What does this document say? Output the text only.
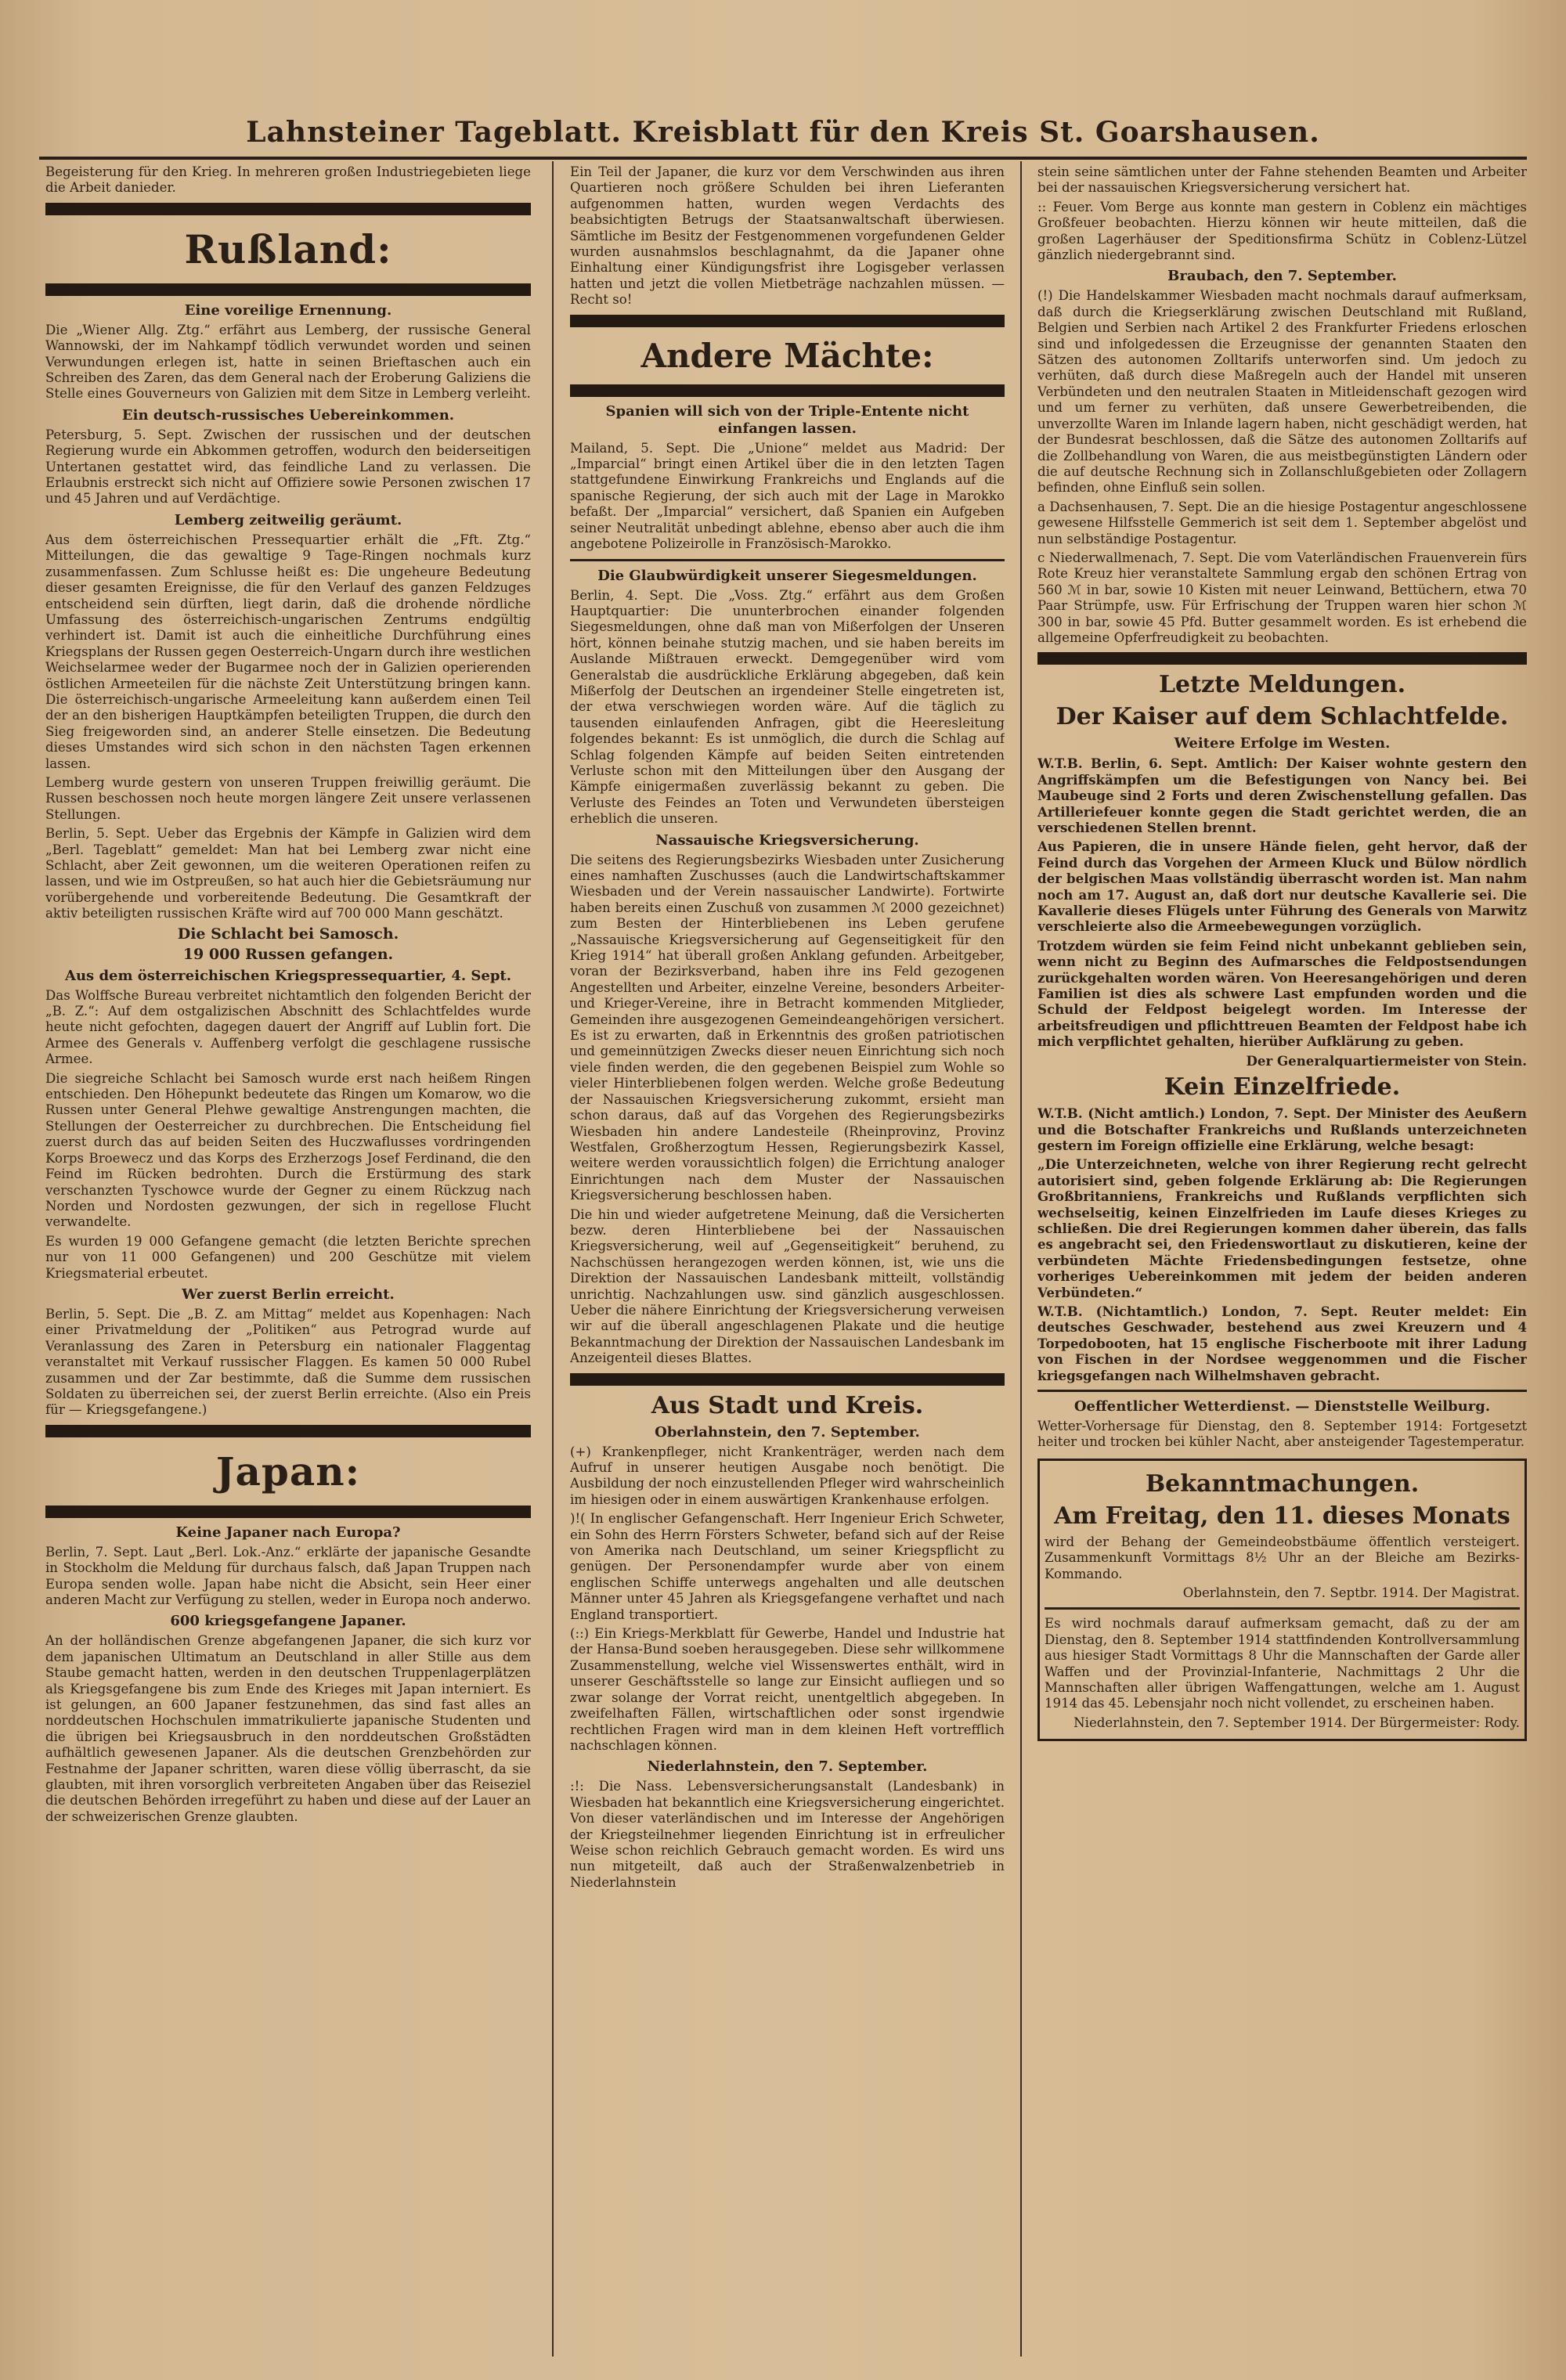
Lahnsteiner Tageblatt. Kreisblatt für den Kreis St. Goarshausen.

Begeisterung für den Krieg. In mehreren großen Industriegebieten liege die Arbeit danieder.

Rußland:
Eine voreilige Ernennung.

Die „Wiener Allg. Ztg.“ erfährt aus Lemberg, der russische General Wannowski, der im Nahkampf tödlich verwundet worden und seinen Verwundungen erlegen ist, hatte in seinen Brieftaschen auch ein Schreiben des Zaren, das dem General nach der Eroberung Galiziens die Stelle eines Gouverneurs von Galizien mit dem Sitze in Lemberg verleiht.

Ein deutsch-russisches Uebereinkommen.

Petersburg, 5. Sept. Zwischen der russischen und der deutschen Regierung wurde ein Abkommen getroffen, wodurch den beiderseitigen Untertanen gestattet wird, das feindliche Land zu verlassen. Die Erlaubnis erstreckt sich nicht auf Offiziere sowie Personen zwischen 17 und 45 Jahren und auf Verdächtige.

Lemberg zeitweilig geräumt.

Aus dem österreichischen Pressequartier erhält die „Fft. Ztg.“ Mitteilungen, die das gewaltige 9 Tage-Ringen nochmals kurz zusammenfassen. Zum Schlusse heißt es: Die ungeheure Bedeutung dieser gesamten Ereignisse, die für den Verlauf des ganzen Feldzuges entscheidend sein dürften, liegt darin, daß die drohende nördliche Umfassung des österreichisch-ungarischen Zentrums endgültig verhindert ist. Damit ist auch die einheitliche Durchführung eines Kriegsplans der Russen gegen Oesterreich-Ungarn durch ihre westlichen Weichselarmee weder der Bugarmee noch der in Galizien operierenden östlichen Armeeteilen für die nächste Zeit Unterstützung bringen kann. Die österreichisch-ungarische Armeeleitung kann außerdem einen Teil der an den bisherigen Hauptkämpfen beteiligten Truppen, die durch den Sieg freigeworden sind, an anderer Stelle einsetzen. Die Bedeutung dieses Umstandes wird sich schon in den nächsten Tagen erkennen lassen.

Lemberg wurde gestern von unseren Truppen freiwillig geräumt. Die Russen beschossen noch heute morgen längere Zeit unsere verlassenen Stellungen.

Berlin, 5. Sept. Ueber das Ergebnis der Kämpfe in Galizien wird dem „Berl. Tageblatt“ gemeldet: Man hat bei Lemberg zwar nicht eine Schlacht, aber Zeit gewonnen, um die weiteren Operationen reifen zu lassen, und wie im Ostpreußen, so hat auch hier die Gebietsräumung nur vorübergehende und vorbereitende Bedeutung. Die Gesamtkraft der aktiv beteiligten russischen Kräfte wird auf 700 000 Mann geschätzt.

Die Schlacht bei Samosch.
19 000 Russen gefangen.
Aus dem österreichischen Kriegspressequartier, 4. Sept.

Das Wolffsche Bureau verbreitet nichtamtlich den folgenden Bericht der „B. Z.“: Auf dem ostgalizischen Abschnitt des Schlachtfeldes wurde heute nicht gefochten, dagegen dauert der Angriff auf Lublin fort. Die Armee des Generals v. Auffenberg verfolgt die geschlagene russische Armee.

Die siegreiche Schlacht bei Samosch wurde erst nach heißem Ringen entschieden. Den Höhepunkt bedeutete das Ringen um Komarow, wo die Russen unter General Plehwe gewaltige Anstrengungen machten, die Stellungen der Oesterreicher zu durchbrechen. Die Entscheidung fiel zuerst durch das auf beiden Seiten des Huczwaflusses vordringenden Korps Broewecz und das Korps des Erzherzogs Josef Ferdinand, die den Feind im Rücken bedrohten. Durch die Erstürmung des stark verschanzten Tyschowce wurde der Gegner zu einem Rückzug nach Norden und Nordosten gezwungen, der sich in regellose Flucht verwandelte.

Es wurden 19 000 Gefangene gemacht (die letzten Berichte sprechen nur von 11 000 Gefangenen) und 200 Geschütze mit vielem Kriegsmaterial erbeutet.

Wer zuerst Berlin erreicht.

Berlin, 5. Sept. Die „B. Z. am Mittag“ meldet aus Kopenhagen: Nach einer Privatmeldung der „Politiken“ aus Petrograd wurde auf Veranlassung des Zaren in Petersburg ein nationaler Flaggentag veranstaltet mit Verkauf russischer Flaggen. Es kamen 50 000 Rubel zusammen und der Zar bestimmte, daß die Summe dem russischen Soldaten zu überreichen sei, der zuerst Berlin erreichte. (Also ein Preis für — Kriegsgefangene.)

Japan:
Keine Japaner nach Europa?

Berlin, 7. Sept. Laut „Berl. Lok.-Anz.“ erklärte der japanische Gesandte in Stockholm die Meldung für durchaus falsch, daß Japan Truppen nach Europa senden wolle. Japan habe nicht die Absicht, sein Heer einer anderen Macht zur Verfügung zu stellen, weder in Europa noch anderwo.

600 kriegsgefangene Japaner.

An der holländischen Grenze abgefangenen Japaner, die sich kurz vor dem japanischen Ultimatum an Deutschland in aller Stille aus dem Staube gemacht hatten, werden in den deutschen Truppenlagerplätzen als Kriegsgefangene bis zum Ende des Krieges mit Japan interniert. Es ist gelungen, an 600 Japaner festzunehmen, das sind fast alles an norddeutschen Hochschulen immatrikulierte japanische Studenten und die übrigen bei Kriegsausbruch in den norddeutschen Großstädten aufhältlich gewesenen Japaner. Als die deutschen Grenzbehörden zur Festnahme der Japaner schritten, waren diese völlig überrascht, da sie glaubten, mit ihren vorsorglich verbreiteten Angaben über das Reiseziel die deutschen Behörden irregeführt zu haben und diese auf der Lauer an der schweizerischen Grenze glaubten.

Ein Teil der Japaner, die kurz vor dem Verschwinden aus ihren Quartieren noch größere Schulden bei ihren Lieferanten aufgenommen hatten, wurden wegen Verdachts des beabsichtigten Betrugs der Staatsanwaltschaft überwiesen. Sämtliche im Besitz der Festgenommenen vorgefundenen Gelder wurden ausnahmslos beschlagnahmt, da die Japaner ohne Einhaltung einer Kündigungsfrist ihre Logisgeber verlassen hatten und jetzt die vollen Mietbeträge nachzahlen müssen. — Recht so!

Andere Mächte:
Spanien will sich von der Triple-Entente nicht einfangen lassen.

Mailand, 5. Sept. Die „Unione“ meldet aus Madrid: Der „Imparcial“ bringt einen Artikel über die in den letzten Tagen stattgefundene Einwirkung Frankreichs und Englands auf die spanische Regierung, der sich auch mit der Lage in Marokko befaßt. Der „Imparcial“ versichert, daß Spanien ein Aufgeben seiner Neutralität unbedingt ablehne, ebenso aber auch die ihm angebotene Polizeirolle in Französisch-Marokko.

Die Glaubwürdigkeit unserer Siegesmeldungen.

Berlin, 4. Sept. Die „Voss. Ztg.“ erfährt aus dem Großen Hauptquartier: Die ununterbrochen einander folgenden Siegesmeldungen, ohne daß man von Mißerfolgen der Unseren hört, können beinahe stutzig machen, und sie haben bereits im Auslande Mißtrauen erweckt. Demgegenüber wird vom Generalstab die ausdrückliche Erklärung abgegeben, daß kein Mißerfolg der Deutschen an irgendeiner Stelle eingetreten ist, der etwa verschwiegen worden wäre. Auf die täglich zu tausenden einlaufenden Anfragen, gibt die Heeresleitung folgendes bekannt: Es ist unmöglich, die durch die Schlag auf Schlag folgenden Kämpfe auf beiden Seiten eintretenden Verluste schon mit den Mitteilungen über den Ausgang der Kämpfe einigermaßen zuverlässig bekannt zu geben. Die Verluste des Feindes an Toten und Verwundeten übersteigen erheblich die unseren.

Nassauische Kriegsversicherung.

Die seitens des Regierungsbezirks Wiesbaden unter Zusicherung eines namhaften Zuschusses (auch die Landwirtschaftskammer Wiesbaden und der Verein nassauischer Landwirte). Fortwirte haben bereits einen Zuschuß von zusammen ℳ 2000 gezeichnet) zum Besten der Hinterbliebenen ins Leben gerufene „Nassauische Kriegsversicherung auf Gegenseitigkeit für den Krieg 1914“ hat überall großen Anklang gefunden. Arbeitgeber, voran der Bezirksverband, haben ihre ins Feld gezogenen Angestellten und Arbeiter, einzelne Vereine, besonders Arbeiter- und Krieger-Vereine, ihre in Betracht kommenden Mitglieder, Gemeinden ihre ausgezogenen Gemeindeangehörigen versichert. Es ist zu erwarten, daß in Erkenntnis des großen patriotischen und gemeinnützigen Zwecks dieser neuen Einrichtung sich noch viele finden werden, die den gegebenen Beispiel zum Wohle so vieler Hinterbliebenen folgen werden. Welche große Bedeutung der Nassauischen Kriegsversicherung zukommt, ersieht man schon daraus, daß auf das Vorgehen des Regierungsbezirks Wiesbaden hin andere Landesteile (Rheinprovinz, Provinz Westfalen, Großherzogtum Hessen, Regierungsbezirk Kassel, weitere werden voraussichtlich folgen) die Errichtung analoger Einrichtungen nach dem Muster der Nassauischen Kriegsversicherung beschlossen haben.

Die hin und wieder aufgetretene Meinung, daß die Versicherten bezw. deren Hinterbliebene bei der Nassauischen Kriegsversicherung, weil auf „Gegenseitigkeit“ beruhend, zu Nachschüssen herangezogen werden können, ist, wie uns die Direktion der Nassauischen Landesbank mitteilt, vollständig unrichtig. Nachzahlungen usw. sind gänzlich ausgeschlossen. Ueber die nähere Einrichtung der Kriegsversicherung verweisen wir auf die überall angeschlagenen Plakate und die heutige Bekanntmachung der Direktion der Nassauischen Landesbank im Anzeigenteil dieses Blattes.

Aus Stadt und Kreis.
Oberlahnstein, den 7. September.

(+) Krankenpfleger, nicht Krankenträger, werden nach dem Aufruf in unserer heutigen Ausgabe noch benötigt. Die Ausbildung der noch einzustellenden Pfleger wird wahrscheinlich im hiesigen oder in einem auswärtigen Krankenhause erfolgen.

)!( In englischer Gefangenschaft. Herr Ingenieur Erich Schweter, ein Sohn des Herrn Försters Schweter, befand sich auf der Reise von Amerika nach Deutschland, um seiner Kriegspflicht zu genügen. Der Personendampfer wurde aber von einem englischen Schiffe unterwegs angehalten und alle deutschen Männer unter 45 Jahren als Kriegsgefangene verhaftet und nach England transportiert.

(::) Ein Kriegs-Merkblatt für Gewerbe, Handel und Industrie hat der Hansa-Bund soeben herausgegeben. Diese sehr willkommene Zusammenstellung, welche viel Wissenswertes enthält, wird in unserer Geschäftsstelle so lange zur Einsicht aufliegen und so zwar solange der Vorrat reicht, unentgeltlich abgegeben. In zweifelhaften Fällen, wirtschaftlichen oder sonst irgendwie rechtlichen Fragen wird man in dem kleinen Heft vortrefflich nachschlagen können.

Niederlahnstein, den 7. September.

:!: Die Nass. Lebensversicherungsanstalt (Landesbank) in Wiesbaden hat bekanntlich eine Kriegsversicherung eingerichtet. Von dieser vaterländischen und im Interesse der Angehörigen der Kriegsteilnehmer liegenden Einrichtung ist in erfreulicher Weise schon reichlich Gebrauch gemacht worden. Es wird uns nun mitgeteilt, daß auch der Straßenwalzenbetrieb in Niederlahnstein

stein seine sämtlichen unter der Fahne stehenden Beamten und Arbeiter bei der nassauischen Kriegsversicherung versichert hat.

:: Feuer. Vom Berge aus konnte man gestern in Coblenz ein mächtiges Großfeuer beobachten. Hierzu können wir heute mitteilen, daß die großen Lagerhäuser der Speditionsfirma Schütz in Coblenz-Lützel gänzlich niedergebrannt sind.

Braubach, den 7. September.

(!) Die Handelskammer Wiesbaden macht nochmals darauf aufmerksam, daß durch die Kriegserklärung zwischen Deutschland mit Rußland, Belgien und Serbien nach Artikel 2 des Frankfurter Friedens erloschen sind und infolgedessen die Erzeugnisse der genannten Staaten den Sätzen des autonomen Zolltarifs unterworfen sind. Um jedoch zu verhüten, daß durch diese Maßregeln auch der Handel mit unseren Verbündeten und den neutralen Staaten in Mitleidenschaft gezogen wird und um ferner zu verhüten, daß unsere Gewerbetreibenden, die unverzollte Waren im Inlande lagern haben, nicht geschädigt werden, hat der Bundesrat beschlossen, daß die Sätze des autonomen Zolltarifs auf die Zollbehandlung von Waren, die aus meistbegünstigten Ländern oder die auf deutsche Rechnung sich in Zollanschlußgebieten oder Zollagern befinden, ohne Einfluß sein sollen.

a Dachsenhausen, 7. Sept. Die an die hiesige Postagentur angeschlossene gewesene Hilfsstelle Gemmerich ist seit dem 1. September abgelöst und nun selbständige Postagentur.

c Niederwallmenach, 7. Sept. Die vom Vaterländischen Frauenverein fürs Rote Kreuz hier veranstaltete Sammlung ergab den schönen Ertrag von 560 ℳ in bar, sowie 10 Kisten mit neuer Leinwand, Bettüchern, etwa 70 Paar Strümpfe, usw. Für Erfrischung der Truppen waren hier schon ℳ 300 in bar, sowie 45 Pfd. Butter gesammelt worden. Es ist erhebend die allgemeine Opferfreudigkeit zu beobachten.

Letzte Meldungen.
Der Kaiser auf dem Schlachtfelde.
Weitere Erfolge im Westen.

W.T.B. Berlin, 6. Sept. Amtlich: Der Kaiser wohnte gestern den Angriffskämpfen um die Befestigungen von Nancy bei. Bei Maubeuge sind 2 Forts und deren Zwischenstellung gefallen. Das Artilleriefeuer konnte gegen die Stadt gerichtet werden, die an verschiedenen Stellen brennt.

Aus Papieren, die in unsere Hände fielen, geht hervor, daß der Feind durch das Vorgehen der Armeen Kluck und Bülow nördlich der belgischen Maas vollständig überrascht worden ist. Man nahm noch am 17. August an, daß dort nur deutsche Kavallerie sei. Die Kavallerie dieses Flügels unter Führung des Generals von Marwitz verschleierte also die Armeebewegungen vorzüglich.

Trotzdem würden sie feim Feind nicht unbekannt geblieben sein, wenn nicht zu Beginn des Aufmarsches die Feldpostsendungen zurückgehalten worden wären. Von Heeresangehörigen und deren Familien ist dies als schwere Last empfunden worden und die Schuld der Feldpost beigelegt worden. Im Interesse der arbeitsfreudigen und pflichttreuen Beamten der Feldpost habe ich mich verpflichtet gehalten, hierüber Aufklärung zu geben.

Der Generalquartiermeister von Stein.

Kein Einzelfriede.

W.T.B. (Nicht amtlich.) London, 7. Sept. Der Minister des Aeußern und die Botschafter Frankreichs und Rußlands unterzeichneten gestern im Foreign offizielle eine Erklärung, welche besagt:

„Die Unterzeichneten, welche von ihrer Regierung recht gelrecht autorisiert sind, geben folgende Erklärung ab: Die Regierungen Großbritanniens, Frankreichs und Rußlands verpflichten sich wechselseitig, keinen Einzelfrieden im Laufe dieses Krieges zu schließen. Die drei Regierungen kommen daher überein, das falls es angebracht sei, den Friedenswortlaut zu diskutieren, keine der verbündeten Mächte Friedensbedingungen festsetze, ohne vorheriges Uebereinkommen mit jedem der beiden anderen Verbündeten.“

W.T.B. (Nichtamtlich.) London, 7. Sept. Reuter meldet: Ein deutsches Geschwader, bestehend aus zwei Kreuzern und 4 Torpedobooten, hat 15 englische Fischerboote mit ihrer Ladung von Fischen in der Nordsee weggenommen und die Fischer kriegsgefangen nach Wilhelmshaven gebracht.

Oeffentlicher Wetterdienst. — Dienststelle Weilburg.

Wetter-Vorhersage für Dienstag, den 8. September 1914: Fortgesetzt heiter und trocken bei kühler Nacht, aber ansteigender Tagestemperatur.

Bekanntmachungen.
Am Freitag, den 11. dieses Monats

wird der Behang der Gemeindeobstbäume öffentlich versteigert. Zusammenkunft Vormittags 8½ Uhr an der Bleiche am Bezirks-Kommando.

Oberlahnstein, den 7. Septbr. 1914. Der Magistrat.

Es wird nochmals darauf aufmerksam gemacht, daß zu der am Dienstag, den 8. September 1914 stattfindenden Kontrollversammlung aus hiesiger Stadt Vormittags 8 Uhr die Mannschaften der Garde aller Waffen und der Provinzial-Infanterie, Nachmittags 2 Uhr die Mannschaften aller übrigen Waffengattungen, welche am 1. August 1914 das 45. Lebensjahr noch nicht vollendet, zu erscheinen haben.

Niederlahnstein, den 7. September 1914. Der Bürgermeister: Rody.
